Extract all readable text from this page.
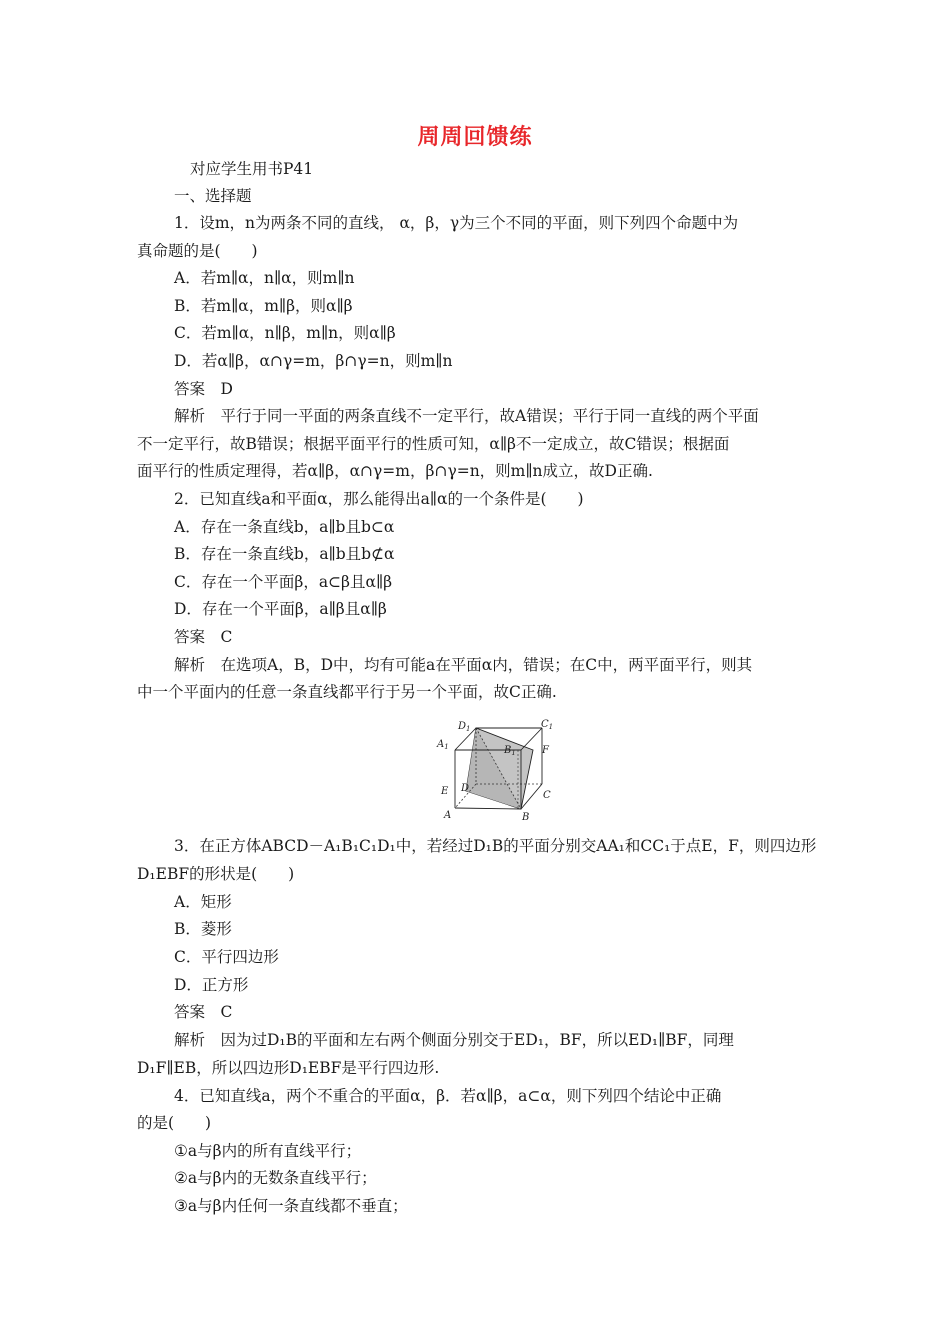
周周回馈练
对应学生用书P41
一、选择题
1．设m，n为两条不同的直线， α，β，γ为三个不同的平面，则下列四个命题中为
真命题的是(　　)
A．若m∥α，n∥α，则m∥n
B．若m∥α，m∥β，则α∥β
C．若m∥α，n∥β，m∥n，则α∥β
D．若α∥β，α∩γ=m，β∩γ=n，则m∥n
答案　D
解析　平行于同一平面的两条直线不一定平行，故A错误；平行于同一直线的两个平面
不一定平行，故B错误；根据平面平行的性质可知，α∥β不一定成立，故C错误；根据面
面平行的性质定理得，若α∥β，α∩γ=m，β∩γ=n，则m∥n成立，故D正确.
2．已知直线a和平面α，那么能得出a∥α的一个条件是(　　)
A．存在一条直线b，a∥b且b⊂α
B．存在一条直线b，a∥b且b⊄α
C．存在一个平面β，a⊂β且α∥β
D．存在一个平面β，a∥β且α∥β
答案　C
解析　在选项A，B，D中，均有可能a在平面α内，错误；在C中，两平面平行，则其
中一个平面内的任意一条直线都平行于另一个平面，故C正确.
$D_1$	$C_1$
$A_1$	$B_1$	F
E D
C
A	B
3．在正方体ABCD－A₁B₁C₁D₁中，若经过D₁B的平面分别交AA₁和CC₁于点E，F，则四边形
D₁EBF的形状是(　　)
A．矩形
B．菱形
C．平行四边形
D．正方形
答案　C
解析　因为过D₁B的平面和左右两个侧面分别交于ED₁，BF，所以ED₁∥BF，同理
D₁F∥EB，所以四边形D₁EBF是平行四边形.
4．已知直线a，两个不重合的平面α，β．若α∥β，a⊂α，则下列四个结论中正确
的是(　　)
①a与β内的所有直线平行；
②a与β内的无数条直线平行；
③a与β内任何一条直线都不垂直；
